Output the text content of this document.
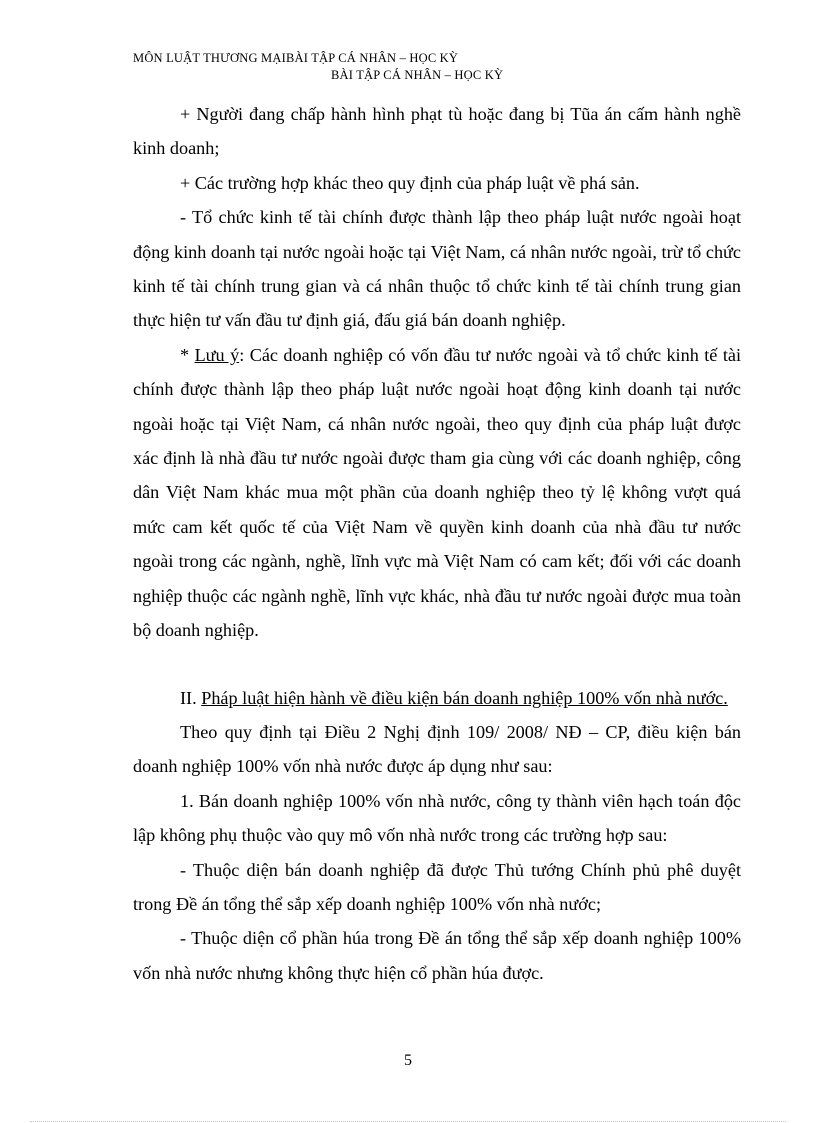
MÔN LUẬT THƯƠNG MẠIBÀI TẬP CÁ NHÂN – HỌC KỲ
BÀI TẬP CÁ NHÂN – HỌC KỲ

+ Người đang chấp hành hình phạt tù hoặc đang bị Tũa án cấm hành nghề kinh doanh;

+ Các trường hợp khác theo quy định của pháp luật về phá sản.

- Tổ chức kinh tế tài chính được thành lập theo pháp luật nước ngoài hoạt động kinh doanh tại nước ngoài hoặc tại Việt Nam, cá nhân nước ngoài, trừ tổ chức kinh tế tài chính trung gian và cá nhân thuộc tổ chức kinh tế tài chính trung gian thực hiện tư vấn đầu tư định giá, đấu giá bán doanh nghiệp.

* Lưu ý: Các doanh nghiệp có vốn đầu tư nước ngoài và tổ chức kinh tế tài chính được thành lập theo pháp luật nước ngoài hoạt động kinh doanh tại nước ngoài hoặc tại Việt Nam, cá nhân nước ngoài, theo quy định của pháp luật được xác định là nhà đầu tư nước ngoài được tham gia cùng với các doanh nghiệp, công dân Việt Nam khác mua một phần của doanh nghiệp theo tỷ lệ không vượt quá mức cam kết quốc tế của Việt Nam về quyền kinh doanh của nhà đầu tư nước ngoài trong các ngành, nghề, lĩnh vực mà Việt Nam có cam kết; đối với các doanh nghiệp thuộc các ngành nghề, lĩnh vực khác, nhà đầu tư nước ngoài được mua toàn bộ doanh nghiệp.

II. Pháp luật hiện hành về điều kiện bán doanh nghiệp 100% vốn nhà nước.

Theo quy định tại Điều 2 Nghị định 109/ 2008/ NĐ – CP, điều kiện bán doanh nghiệp 100% vốn nhà nước được áp dụng như sau:

1. Bán doanh nghiệp 100% vốn nhà nước, công ty thành viên hạch toán độc lập không phụ thuộc vào quy mô vốn nhà nước trong các trường hợp sau:

- Thuộc diện bán doanh nghiệp đã được Thủ tướng Chính phủ phê duyệt trong Đề án tổng thể sắp xếp doanh nghiệp 100% vốn nhà nước;

- Thuộc diện cổ phần húa trong Đề án tổng thể sắp xếp doanh nghiệp 100% vốn nhà nước nhưng không thực hiện cổ phần húa được.

5
